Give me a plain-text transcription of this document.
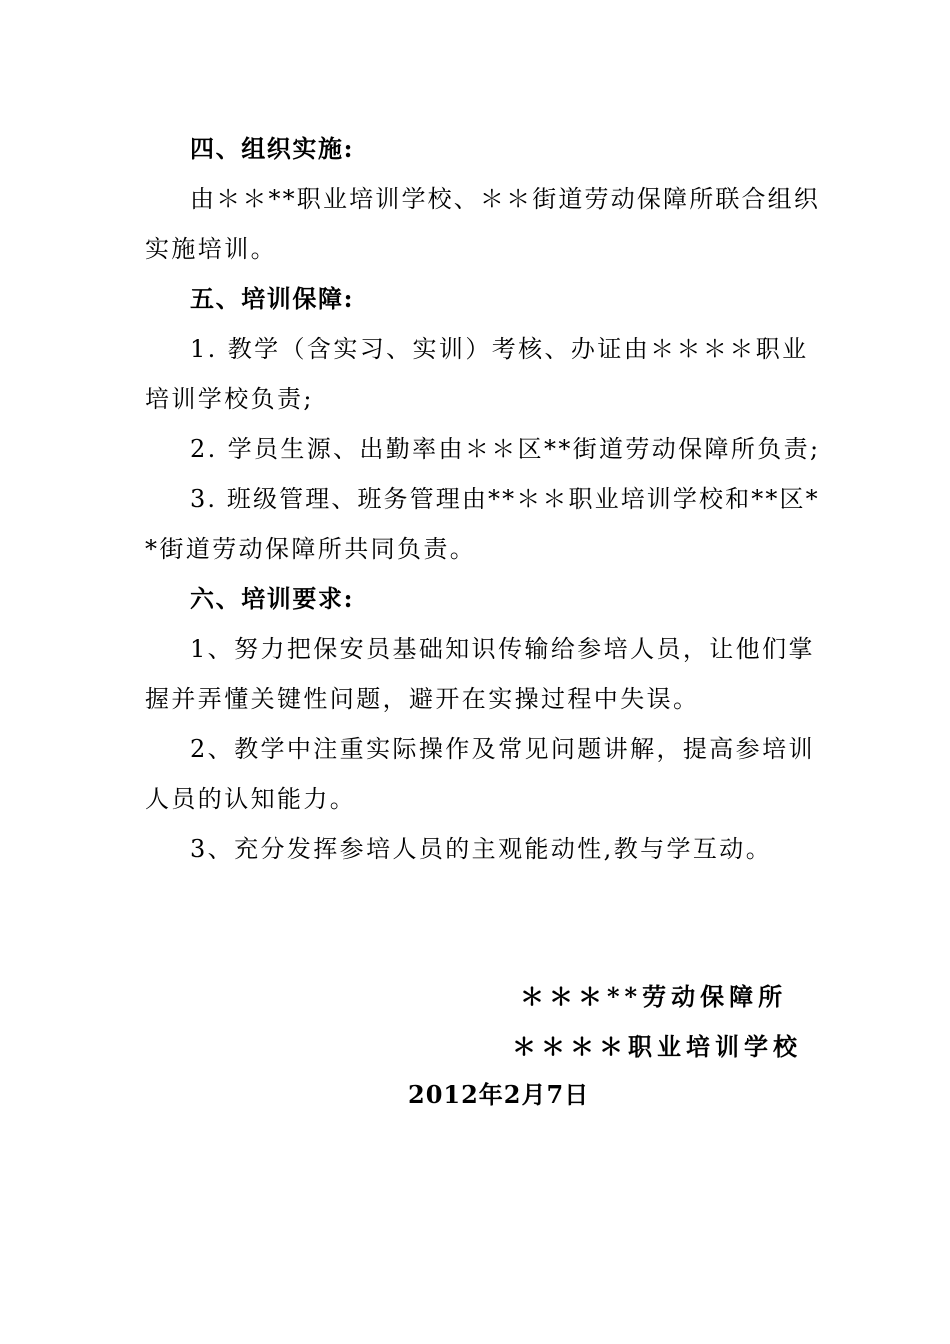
四、组织实施:
由＊＊**职业培训学校、＊＊街道劳动保障所联合组织
实施培训。
五、培训保障:
1. 教学（含实习、实训）考核、办证由＊＊＊＊职业
培训学校负责;
2. 学员生源、出勤率由＊＊区**街道劳动保障所负责;
3. 班级管理、班务管理由**＊＊职业培训学校和**区*
*街道劳动保障所共同负责。
六、培训要求:
1、努力把保安员基础知识传输给参培人员，让他们掌
握并弄懂关键性问题，避开在实操过程中失误。
2、教学中注重实际操作及常见问题讲解，提高参培训
人员的认知能力。
3、充分发挥参培人员的主观能动性,教与学互动。
＊＊＊**劳动保障所
＊＊＊＊职业培训学校
2012年2月7日
